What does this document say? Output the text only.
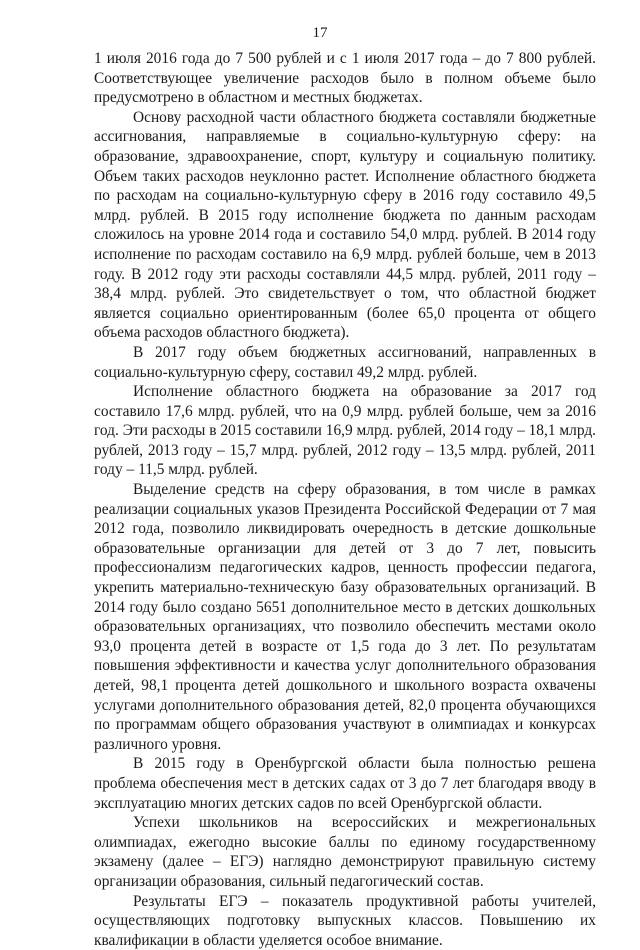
17

1 июля 2016 года до 7 500 рублей и с 1 июля 2017 года – до 7 800 рублей. Соответствующее увеличение расходов было в полном объеме было предусмотрено в областном и местных бюджетах.

Основу расходной части областного бюджета составляли бюджетные ассигнования, направляемые в социально-культурную сферу: на образование, здравоохранение, спорт, культуру и социальную политику. Объем таких расходов неуклонно растет. Исполнение областного бюджета по расходам на социально-культурную сферу в 2016 году составило 49,5 млрд. рублей. В 2015 году исполнение бюджета по данным расходам сложилось на уровне 2014 года и составило 54,0 млрд. рублей. В 2014 году исполнение по расходам составило на 6,9 млрд. рублей больше, чем в 2013 году. В 2012 году эти расходы составляли 44,5 млрд. рублей, 2011 году – 38,4 млрд. рублей. Это свидетельствует о том, что областной бюджет является социально ориентированным (более 65,0 процента от общего объема расходов областного бюджета).

В 2017 году объем бюджетных ассигнований, направленных в социально-культурную сферу, составил 49,2 млрд. рублей.

Исполнение областного бюджета на образование за 2017 год составило 17,6 млрд. рублей, что на 0,9 млрд. рублей больше, чем за 2016 год. Эти расходы в 2015 составили 16,9 млрд. рублей, 2014 году – 18,1 млрд. рублей, 2013 году – 15,7 млрд. рублей, 2012 году – 13,5 млрд. рублей, 2011 году – 11,5 млрд. рублей.

Выделение средств на сферу образования, в том числе в рамках реализации социальных указов Президента Российской Федерации от 7 мая 2012 года, позволило ликвидировать очередность в детские дошкольные образовательные организации для детей от 3 до 7 лет, повысить профессионализм педагогических кадров, ценность профессии педагога, укрепить материально-техническую базу образовательных организаций. В 2014 году было создано 5651 дополнительное место в детских дошкольных образовательных организациях, что позволило обеспечить местами около 93,0 процента детей в возрасте от 1,5 года до 3 лет. По результатам повышения эффективности и качества услуг дополнительного образования детей, 98,1 процента детей дошкольного и школьного возраста охвачены услугами дополнительного образования детей, 82,0 процента обучающихся по программам общего образования участвуют в олимпиадах и конкурсах различного уровня.

В 2015 году в Оренбургской области была полностью решена проблема обеспечения мест в детских садах от 3 до 7 лет благодаря вводу в эксплуатацию многих детских садов по всей Оренбургской области.

Успехи школьников на всероссийских и межрегиональных олимпиадах, ежегодно высокие баллы по единому государственному экзамену (далее – ЕГЭ) наглядно демонстрируют правильную систему организации образования, сильный педагогический состав.

Результаты ЕГЭ – показатель продуктивной работы учителей, осуществляющих подготовку выпускных классов. Повышению их квалификации в области уделяется особое внимание.
